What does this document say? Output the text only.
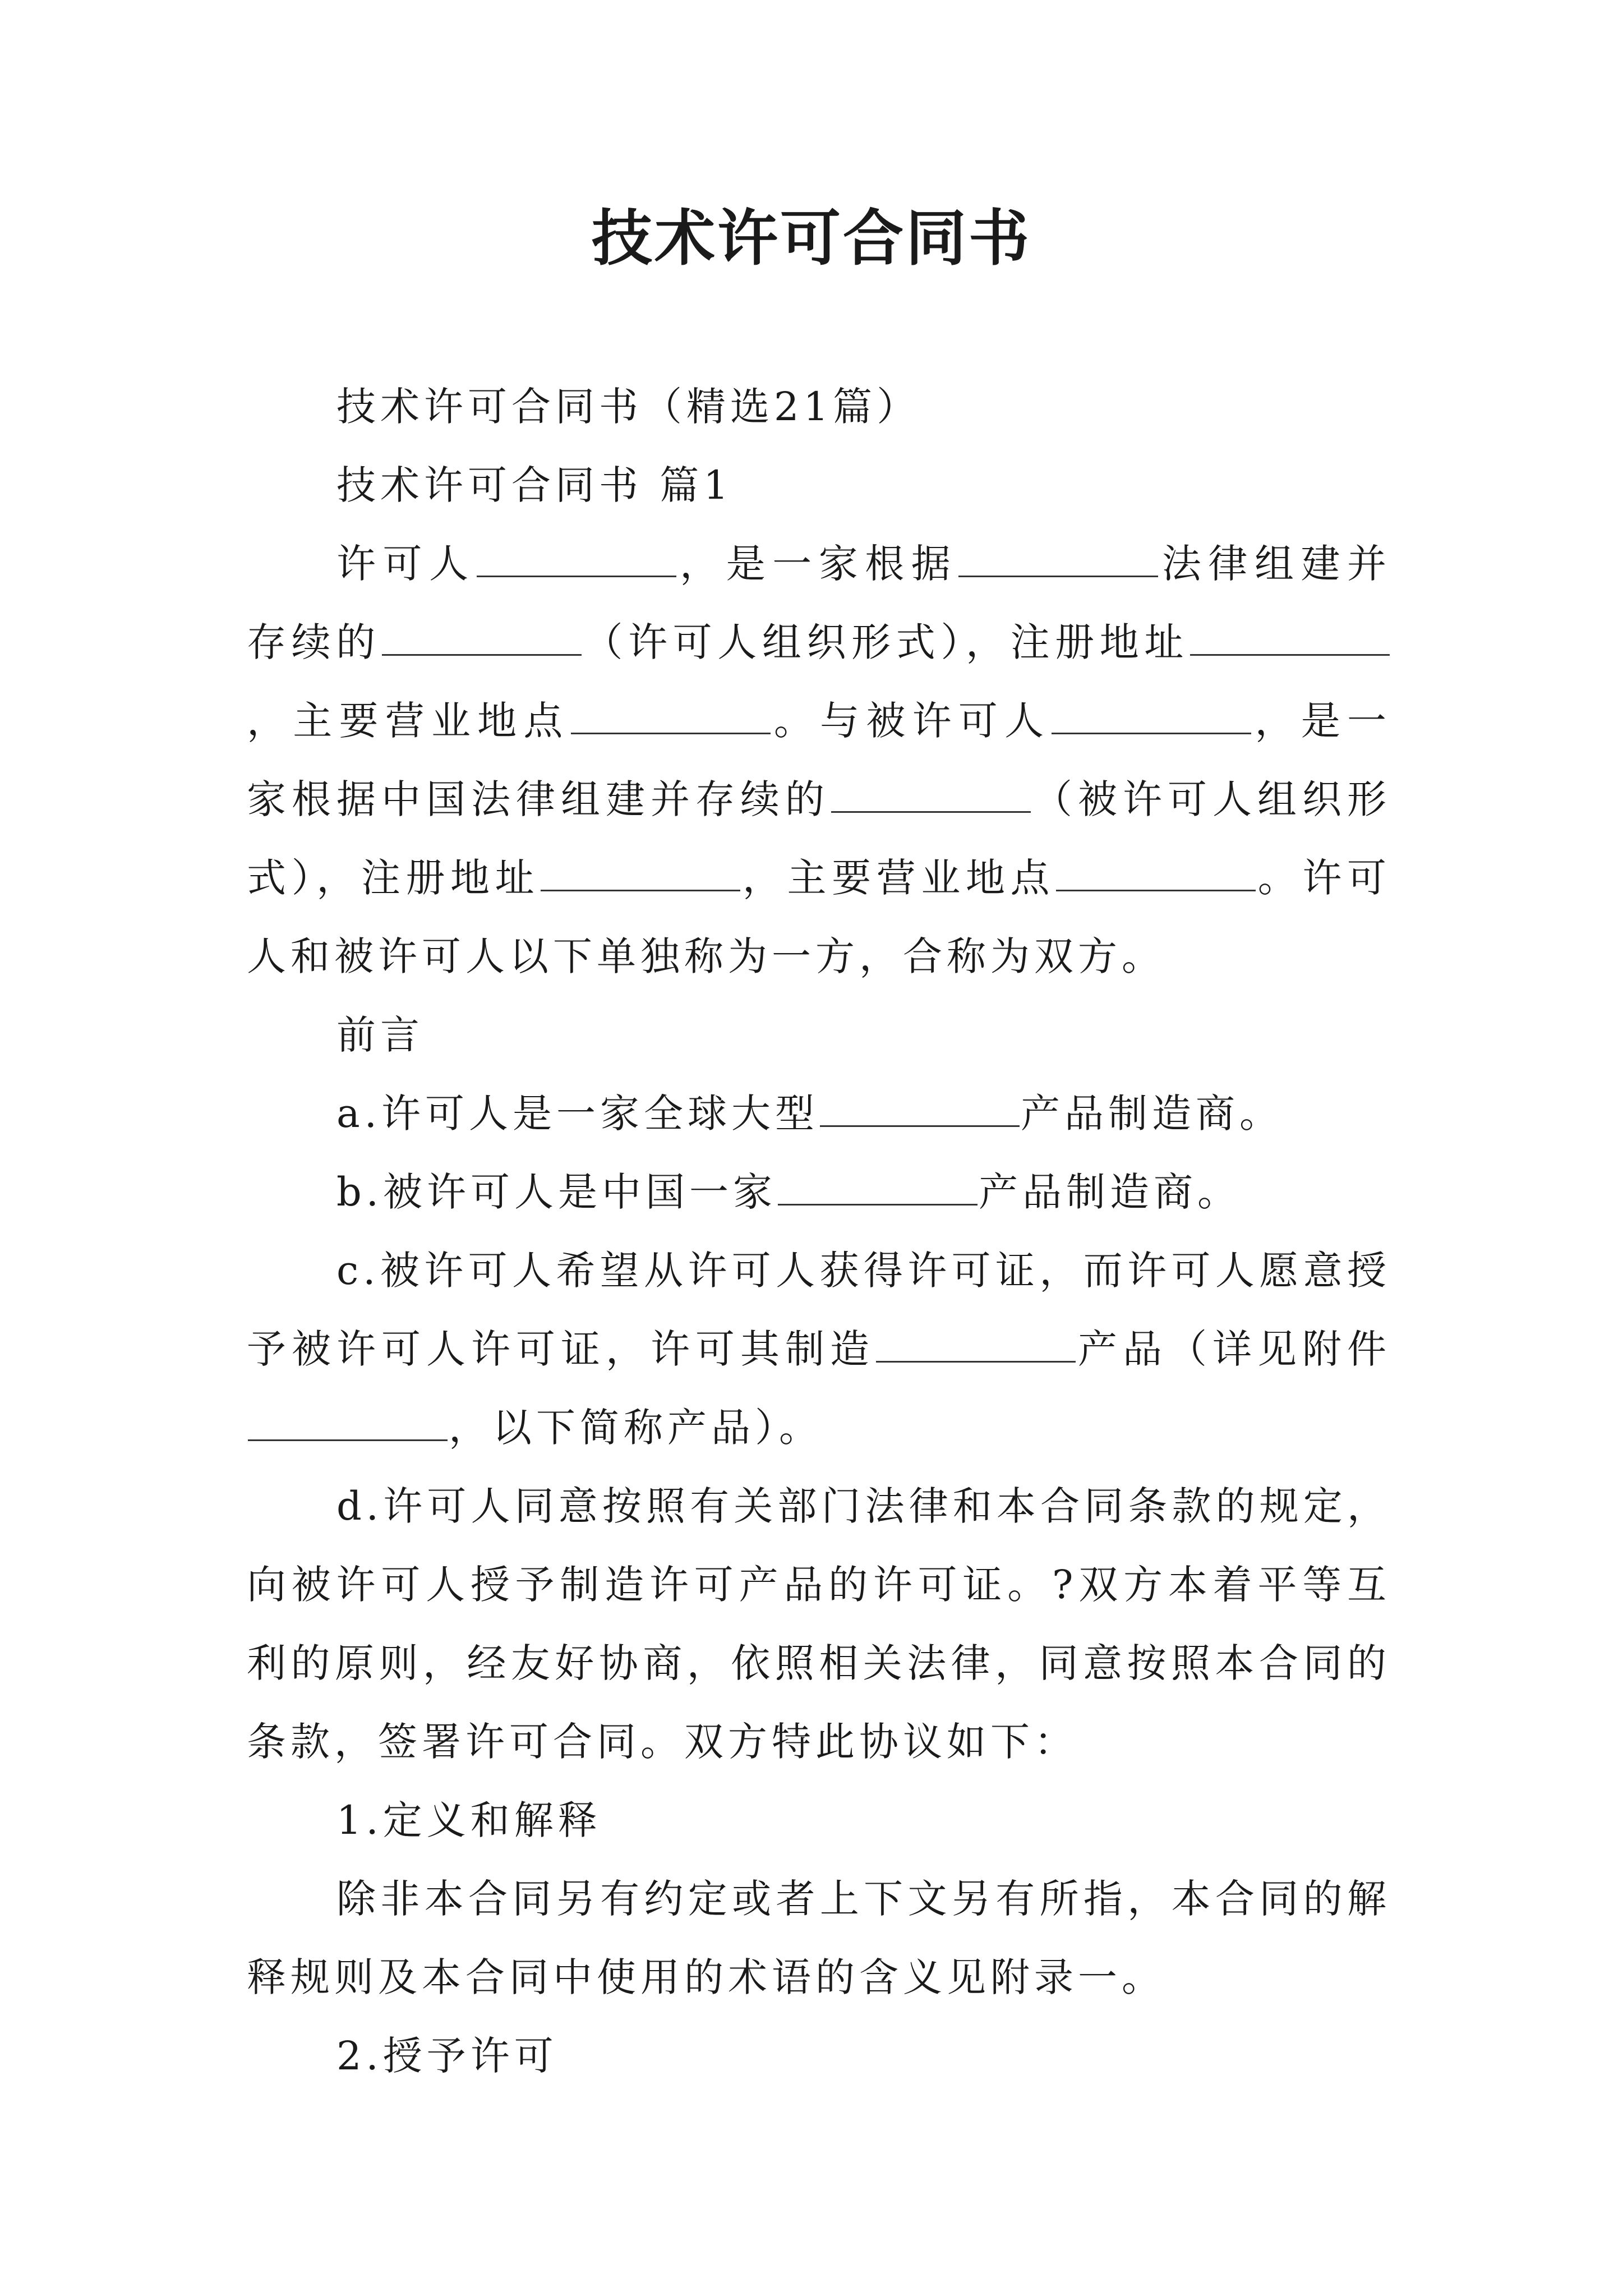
技术许可合同书

技术许可合同书（精选21篇）

技术许可合同书 篇1

许可人	，是一家根据	法律组建并存续的	（许可人组织形式），注册地址，主要营业地点	。与被许可人	，是一家根据中国法律组建并存续的	（被许可人组织形式），注册地址	，主要营业地点	。许可人和被许可人以下单独称为一方，合称为双方。

前言

a.许可人是一家全球大型	产品制造商。

b.被许可人是中国一家	产品制造商。

c.被许可人希望从许可人获得许可证，而许可人愿意授予被许可人许可证，许可其制造	产品（详见附件，以下简称产品）。

d.许可人同意按照有关部门法律和本合同条款的规定，向被许可人授予制造许可产品的许可证。?双方本着平等互利的原则，经友好协商，依照相关法律，同意按照本合同的条款，签署许可合同。双方特此协议如下：

1.定义和解释

除非本合同另有约定或者上下文另有所指，本合同的解释规则及本合同中使用的术语的含义见附录一。

2.授予许可
